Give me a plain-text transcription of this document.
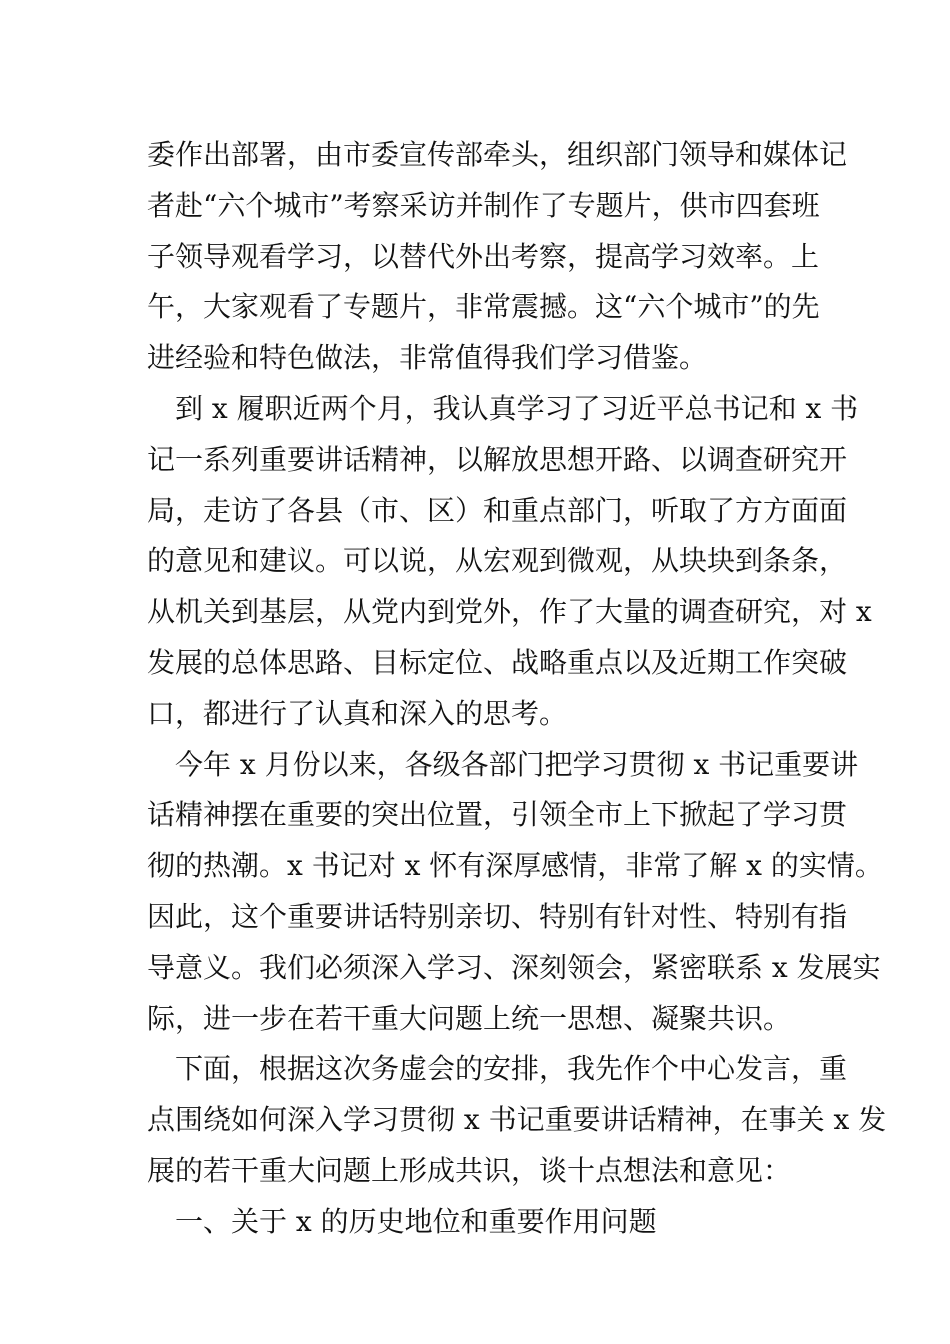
委作出部署，由市委宣传部牵头，组织部门领导和媒体记
者赴“六个城市”考察采访并制作了专题片，供市四套班
子领导观看学习，以替代外出考察，提高学习效率。上
午，大家观看了专题片，非常震撼。这“六个城市”的先
进经验和特色做法，非常值得我们学习借鉴。
到 x 履职近两个月，我认真学习了习近平总书记和 x 书
记一系列重要讲话精神，以解放思想开路、以调查研究开
局，走访了各县（市、区）和重点部门，听取了方方面面
的意见和建议。可以说，从宏观到微观，从块块到条条，
从机关到基层，从党内到党外，作了大量的调查研究，对 x
发展的总体思路、目标定位、战略重点以及近期工作突破
口，都进行了认真和深入的思考。
今年 x 月份以来，各级各部门把学习贯彻 x 书记重要讲
话精神摆在重要的突出位置，引领全市上下掀起了学习贯
彻的热潮。x 书记对 x 怀有深厚感情，非常了解 x 的实情。
因此，这个重要讲话特别亲切、特别有针对性、特别有指
导意义。我们必须深入学习、深刻领会，紧密联系 x 发展实
际，进一步在若干重大问题上统一思想、凝聚共识。
下面，根据这次务虚会的安排，我先作个中心发言，重
点围绕如何深入学习贯彻 x 书记重要讲话精神，在事关 x 发
展的若干重大问题上形成共识，谈十点想法和意见：
一、关于 x 的历史地位和重要作用问题
